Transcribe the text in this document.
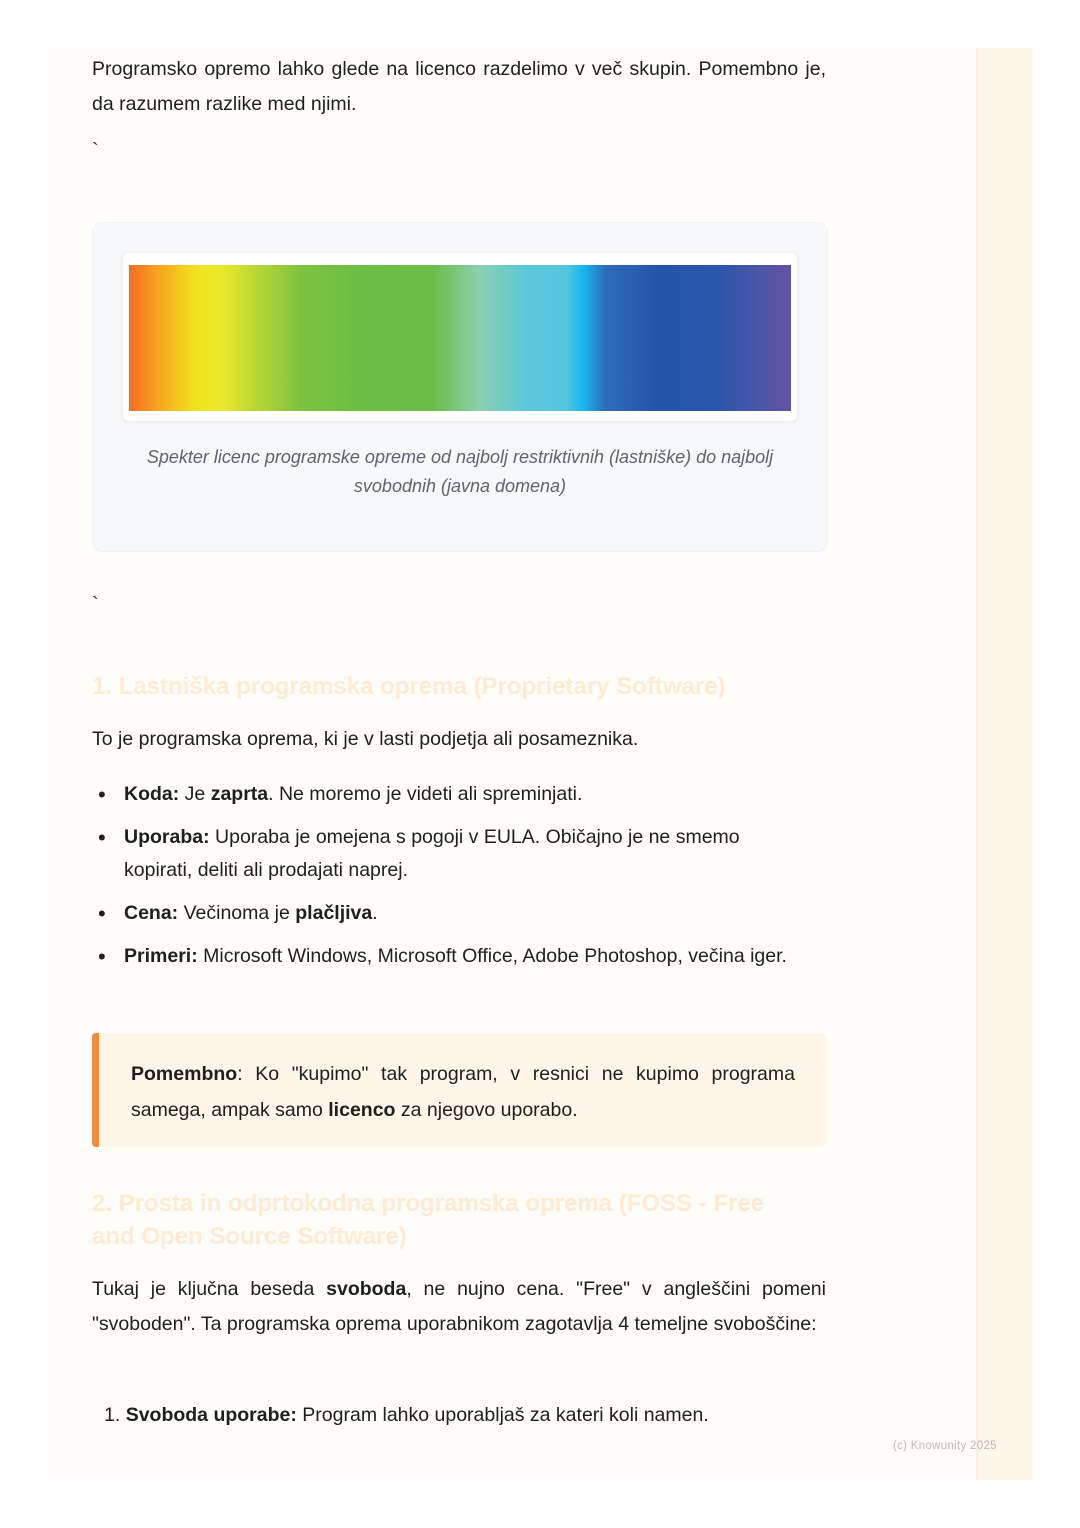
Programsko opremo lahko glede na licenco razdelimo v več skupin. Pomembno je, da razumem razlike med njimi.

`
Spekter licenc programske opreme od najbolj restriktivnih (lastniške) do najbolj svobodnih (javna domena)
`
1. Lastniška programska oprema (Proprietary Software)

To je programska oprema, ki je v lasti podjetja ali posameznika.

• Koda: Je zaprta. Ne moremo je videti ali spreminjati.
• Uporaba: Uporaba je omejena s pogoji v EULA. Običajno je ne smemo kopirati, deliti ali prodajati naprej.
• Cena: Večinoma je plačljiva.
• Primeri: Microsoft Windows, Microsoft Office, Adobe Photoshop, večina iger.
Pomembno: Ko "kupimo" tak program, v resnici ne kupimo programa samega, ampak samo licenco za njegovo uporabo.
2. Prosta in odprtokodna programska oprema (FOSS - Free and Open Source Software)

Tukaj je ključna beseda svoboda, ne nujno cena. "Free" v angleščini pomeni "svoboden". Ta programska oprema uporabnikom zagotavlja 4 temeljne svoboščine:

1. Svoboda uporabe: Program lahko uporabljaš za kateri koli namen.

(c) Knowunity 2025
